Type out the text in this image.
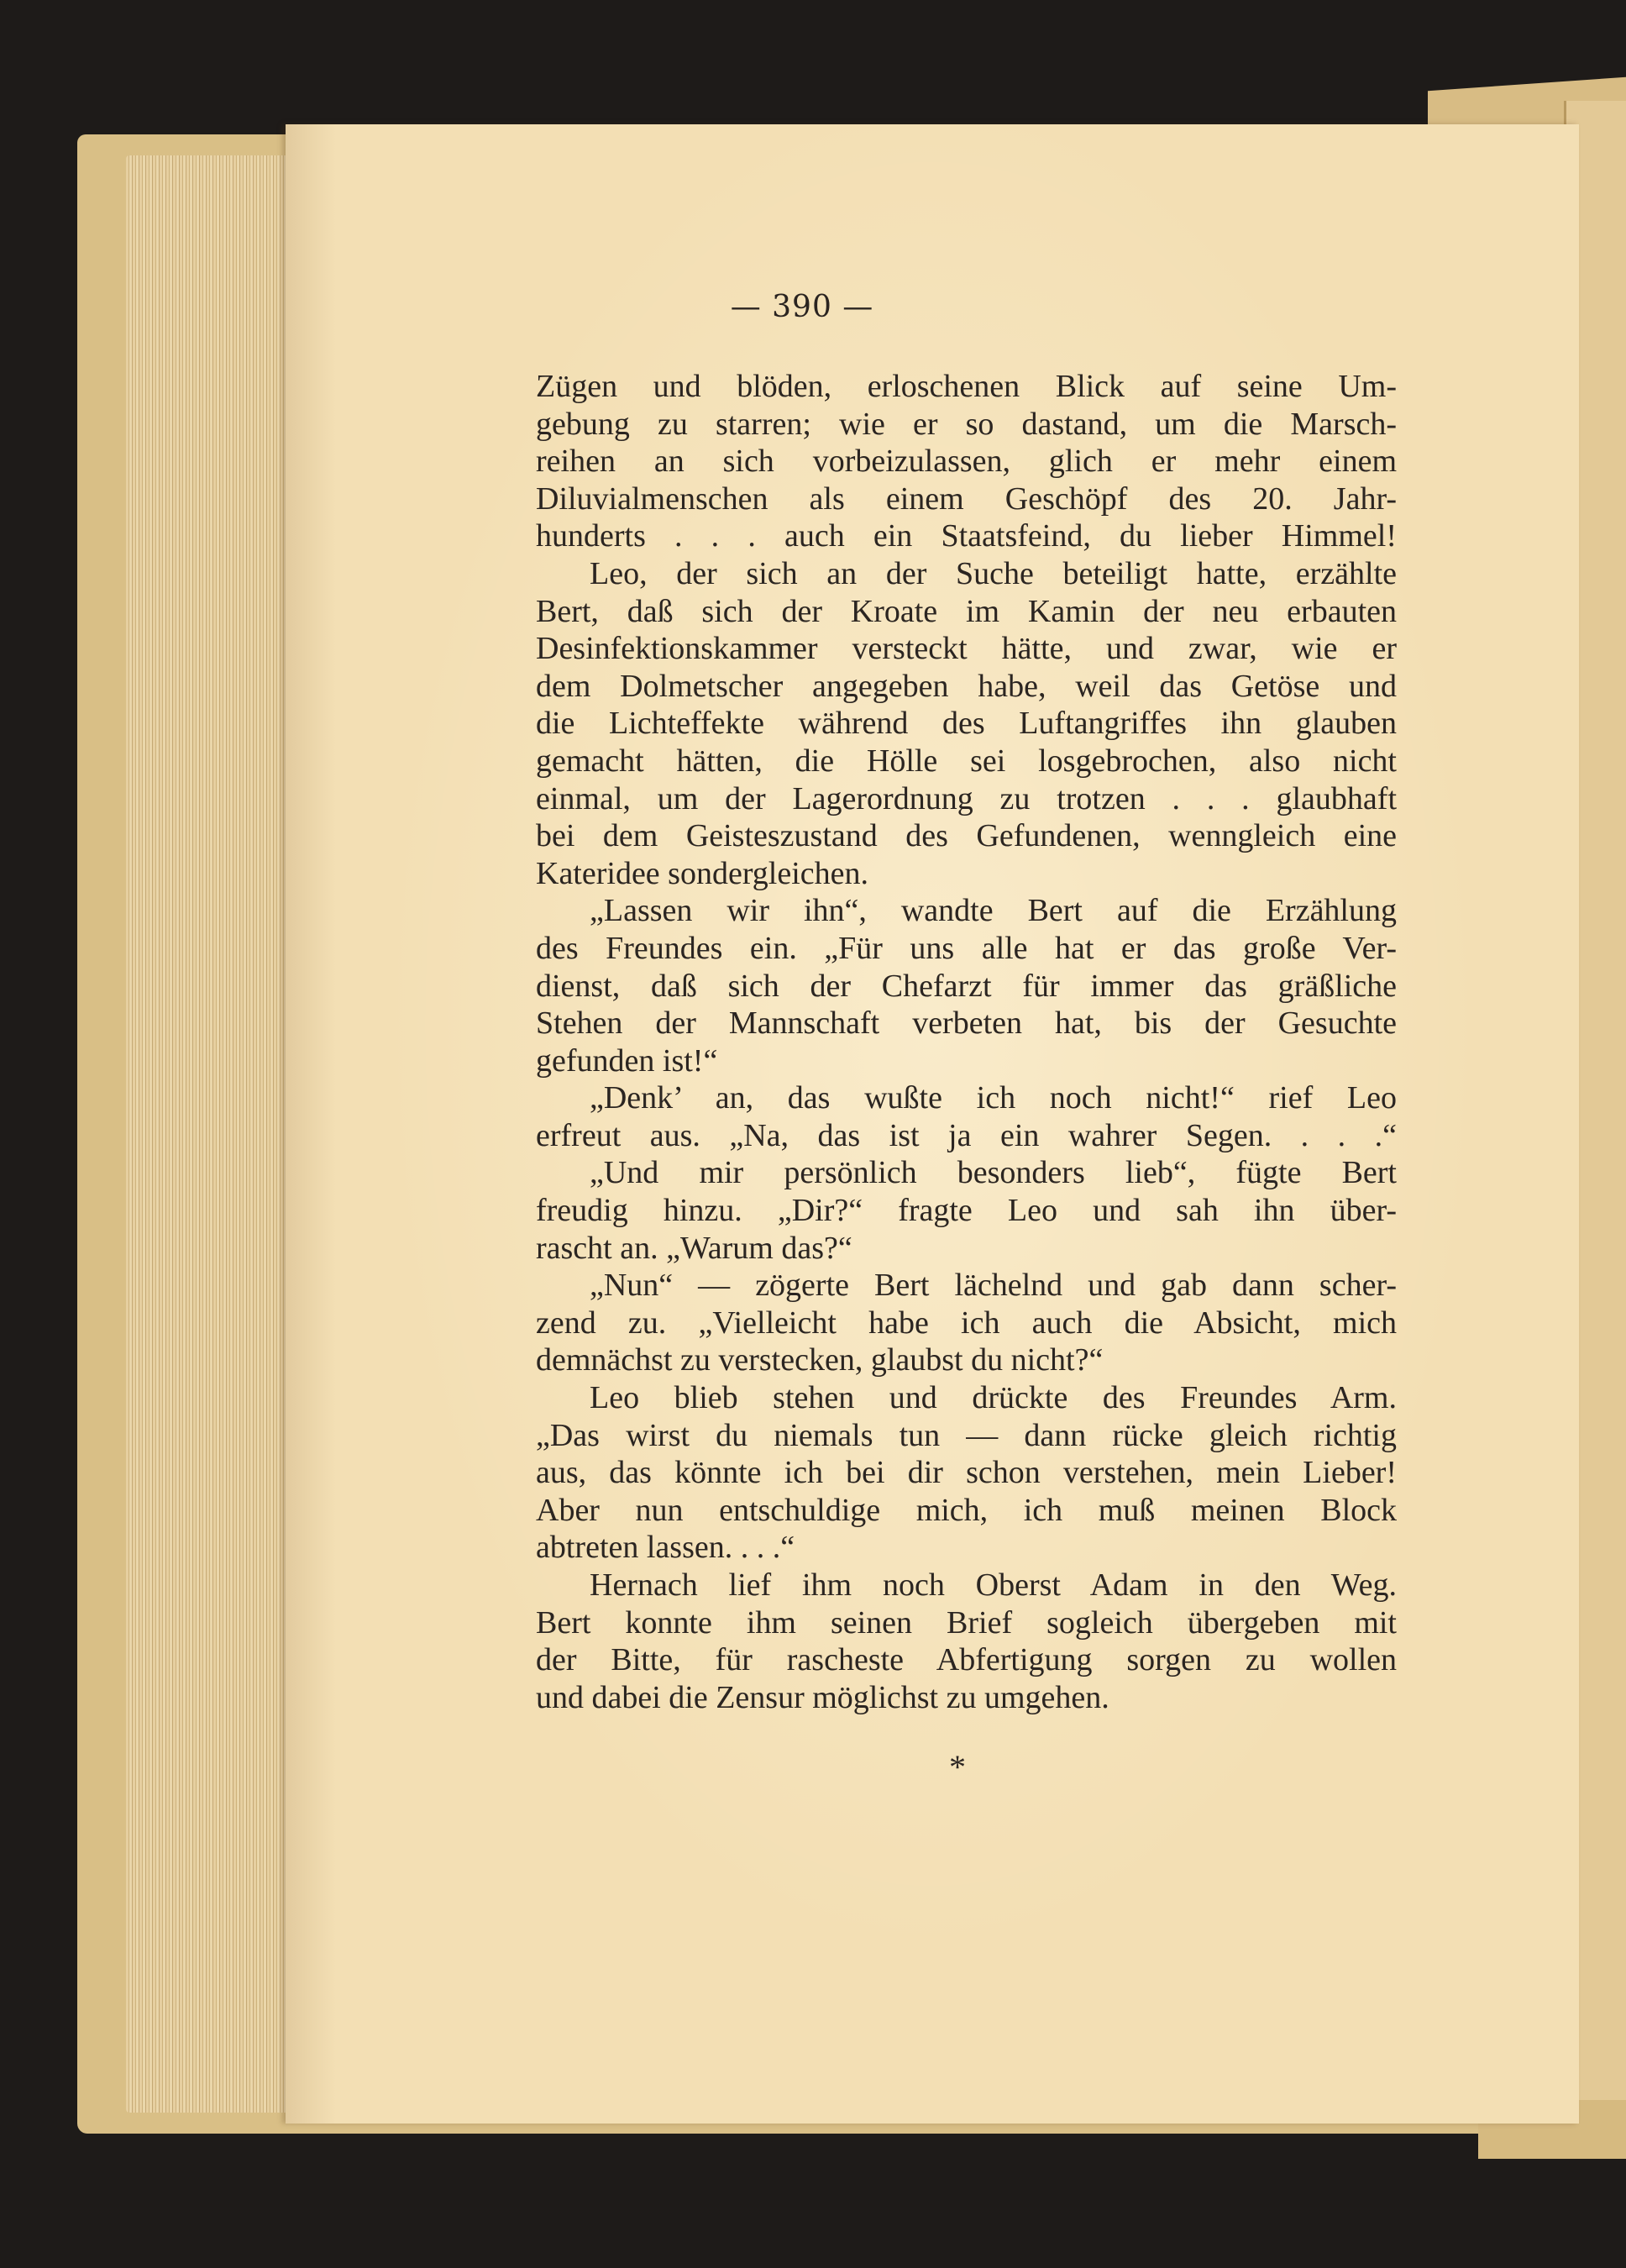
— 390 —
Zügen und blöden, erloschenen Blick auf seine Um-
gebung zu starren; wie er so dastand, um die Marsch-
reihen an sich vorbeizulassen, glich er mehr einem
Diluvialmenschen als einem Geschöpf des 20. Jahr-
hunderts . . . auch ein Staatsfeind, du lieber Himmel!
Leo, der sich an der Suche beteiligt hatte, erzählte
Bert, daß sich der Kroate im Kamin der neu erbauten
Desinfektionskammer versteckt hätte, und zwar, wie er
dem Dolmetscher angegeben habe, weil das Getöse und
die Lichteffekte während des Luftangriffes ihn glauben
gemacht hätten, die Hölle sei losgebrochen, also nicht
einmal, um der Lagerordnung zu trotzen . . . glaubhaft
bei dem Geisteszustand des Gefundenen, wenngleich eine
Kateridee sondergleichen.
„Lassen wir ihn“, wandte Bert auf die Erzählung
des Freundes ein. „Für uns alle hat er das große Ver-
dienst, daß sich der Chefarzt für immer das gräßliche
Stehen der Mannschaft verbeten hat, bis der Gesuchte
gefunden ist!“
„Denk’ an, das wußte ich noch nicht!“ rief Leo
erfreut aus. „Na, das ist ja ein wahrer Segen. . . .“
„Und mir persönlich besonders lieb“, fügte Bert
freudig hinzu. „Dir?“ fragte Leo und sah ihn über-
rascht an. „Warum das?“
„Nun“ — zögerte Bert lächelnd und gab dann scher-
zend zu. „Vielleicht habe ich auch die Absicht, mich
demnächst zu verstecken, glaubst du nicht?“
Leo blieb stehen und drückte des Freundes Arm.
„Das wirst du niemals tun — dann rücke gleich richtig
aus, das könnte ich bei dir schon verstehen, mein Lieber!
Aber nun entschuldige mich, ich muß meinen Block
abtreten lassen. . . .“
Hernach lief ihm noch Oberst Adam in den Weg.
Bert konnte ihm seinen Brief sogleich übergeben mit
der Bitte, für rascheste Abfertigung sorgen zu wollen
und dabei die Zensur möglichst zu umgehen.
*
